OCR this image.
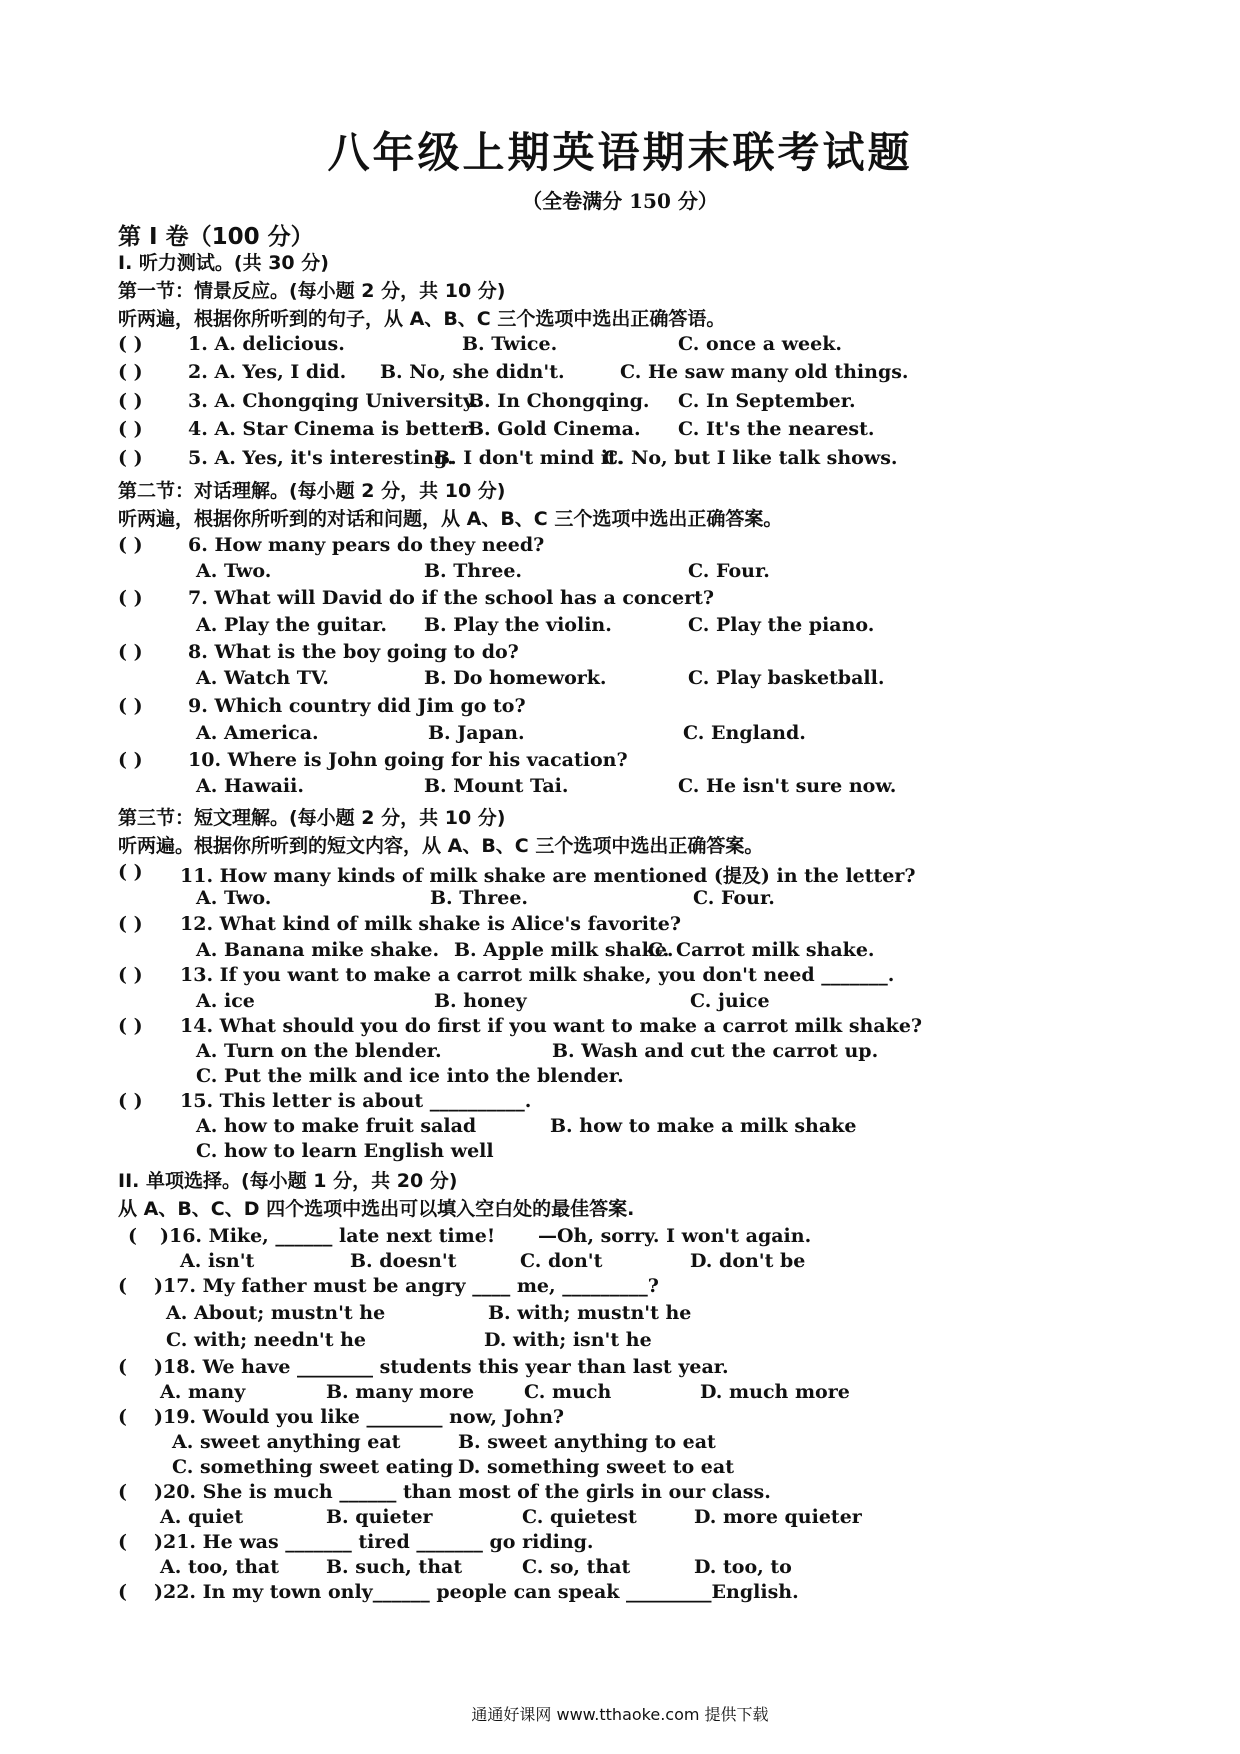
八年级上期英语期末联考试题
（全卷满分 150 分）
第 I 卷（100 分）
I. 听力测试。(共 30 分)
第一节：情景反应。(每小题 2 分，共 10 分)
听两遍，根据你所听到的句子，从 A、B、C 三个选项中选出正确答语。
( ) 1. A. delicious.	B. Twice.	C. once a week.
( ) 2. A. Yes, I did. B. No, she didn't.	C. He saw many old things.
( ) 3. A. Chongqing University.
B. In Chongqing. C. In September.
( ) 4. A. Star Cinema is better.
B. Gold Cinema. C. It's the nearest.
( ) 5. A. Yes, it's interesting.
B. I don't mind it.
C. No, but I like talk shows.
第二节：对话理解。(每小题 2 分，共 10 分)
听两遍，根据你所听到的对话和问题，从 A、B、C 三个选项中选出正确答案。
( ) 6. How many pears do they need?
A. Two.	B. Three.	C. Four.
( ) 7. What will David do if the school has a concert?
A. Play the guitar. B. Play the violin.	C. Play the piano.
( ) 8. What is the boy going to do?
A. Watch TV.	B. Do homework.	C. Play basketball.
( ) 9. Which country did Jim go to?
A. America.	B. Japan.	C. England.
( ) 10. Where is John going for his vacation?
A. Hawaii.	B. Mount Tai.	C. He isn't sure now.
第三节：短文理解。(每小题 2 分，共 10 分)
听两遍。根据你所听到的短文内容，从 A、B、C 三个选项中选出正确答案。
( ) 11. How many kinds of milk shake are mentioned (提及) in the letter?
A. Two.	B. Three.	C. Four.
( ) 12. What kind of milk shake is Alice's favorite?
A. Banana mike shake. B. Apple milk shake.
C. Carrot milk shake.
( ) 13. If you want to make a carrot milk shake, you don't need _______.
A. ice	B. honey	C. juice
( ) 14. What should you do first if you want to make a carrot milk shake?
A. Turn on the blender.	B. Wash and cut the carrot up.
C. Put the milk and ice into the blender.
( ) 15. This letter is about __________.
A. how to make fruit salad	B. how to make a milk shake
C. how to learn English well
II. 单项选择。(每小题 1 分，共 20 分)
从 A、B、C、D 四个选项中选出可以填入空白处的最佳答案.
( )16. Mike, ______ late next time! —Oh, sorry. I won't again.
A. isn't	B. doesn't	C. don't	D. don't be
( )17. My father must be angry ____ me, _________?
A. About; mustn't he	B. with; mustn't he
C. with; needn't he	D. with; isn't he
( )18. We have ________ students this year than last year.
A. many	B. many more	C. much	D. much more
( )19. Would you like ________ now, John?
A. sweet anything eat	B. sweet anything to eat
C. something sweet eating D. something sweet to eat
( )20. She is much ______ than most of the girls in our class.
A. quiet	B. quieter	C. quietest	D. more quieter
( )21. He was _______ tired _______ go riding.
A. too, that B. such, that	C. so, that	D. too, to
( )22. In my town only______ people can speak _________English.
通通好课网 www.tthaoke.com 提供下载
